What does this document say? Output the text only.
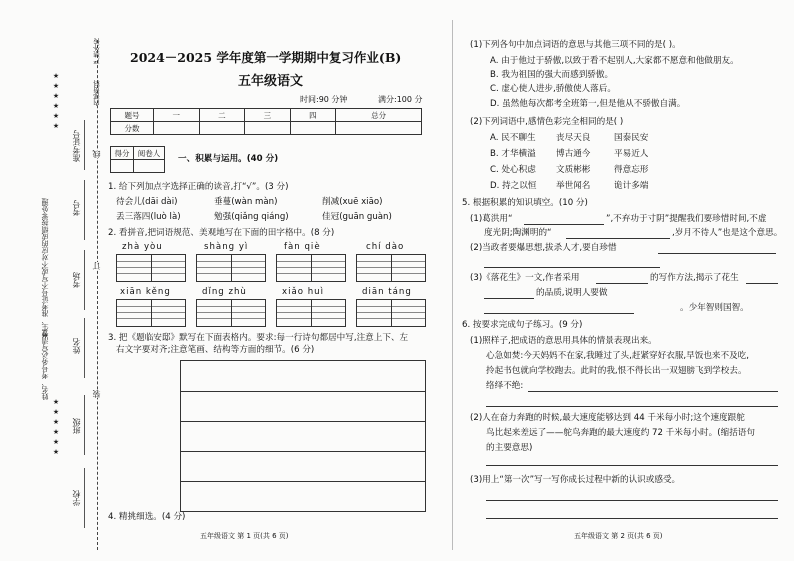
★★★★★★
★★★★★★
考生、准考证号不写或不对应的成绩按零处理
姓名、考号务必写清楚
学校
班级
姓名
考场
考号
准考证号 线
订
装
严禁外传
内部资料
2024－2025 学年度第一学期期中复习作业(B)
五年级语文
时间:90 分钟	满分:100 分
题号	一	二	三	四	总分
分数					
得分	阅卷人

一、积累与运用。(40 分)
1. 给下列加点字选择正确的读音,打“√”。(3 分)
待会儿(dāi dài)	垂蔓(wàn màn)	削减(xuē xiāo)
丢三落四(luò là)	勉强(qiǎng qiáng)	佳冠(guān guàn)
2. 看拼音,把词语规范、美观地写在下面的田字格中。(8 分)
zhà yòu	shàng yì	fàn qiè	chí dào
xiān kěng	dǐng zhù	xiǎo huì	diān táng
3. 把《题临安邸》默写在下面表格内。要求:每一行诗句都居中写,注意上下、左
右文字要对齐;注意笔画、结构等方面的细节。(6 分)
4. 精挑细选。(4 分)
五年级语文 第 1 页(共 6 页)
(1)下列各句中加点词语的意思与其他三项不同的是( )。
A. 由于他过于骄傲,以致于看不起别人,大家都不愿意和他做朋友。
B. 我为祖国的强大而感到骄傲。
C. 虚心使人进步,骄傲使人落后。
D. 虽然他每次都考全班第一,但是他从不骄傲自满。
(2)下列词语中,感情色彩完全相同的是( )
A. 民不聊生 丧尽天良	国泰民安
B. 才华横溢 博古通今	平易近人
C. 处心积虑 文质彬彬	得意忘形
D. 持之以恒 举世闻名	诡计多端
5. 根据积累的知识填空。(10 分)
(1)葛洪用“	”,不弃功于寸阴”提醒我们要珍惜时间,不虚
度光阴;陶渊明的“	,岁月不待人”也是这个意思。
(2)当政者要爆思想,拔杀人才,要自珍惜
(3)《落花生》一文,作者采用	的写作方法,揭示了花生
的品质,说明人要做
。少年智则国智。
6. 按要求完成句子练习。(9 分)
(1)照样子,把成语的意思用具体的情景表现出来。
心急如焚:今天妈妈不在家,我睡过了头,赶紧穿好衣服,早饭也来不及吃,
拎起书包就向学校跑去。此时的我,恨不得长出一双翅膀飞到学校去。
络绎不绝:
(2)人在奋力奔跑的时候,最大速度能够达到 44 千米每小时;这个速度跟鸵
鸟比起来差远了——鸵鸟奔跑的最大速度约 72 千米每小时。(缩括语句
的主要意思)
(3)用上“第一次”写一写你成长过程中新的认识或感受。
五年级语文 第 2 页(共 6 页)
